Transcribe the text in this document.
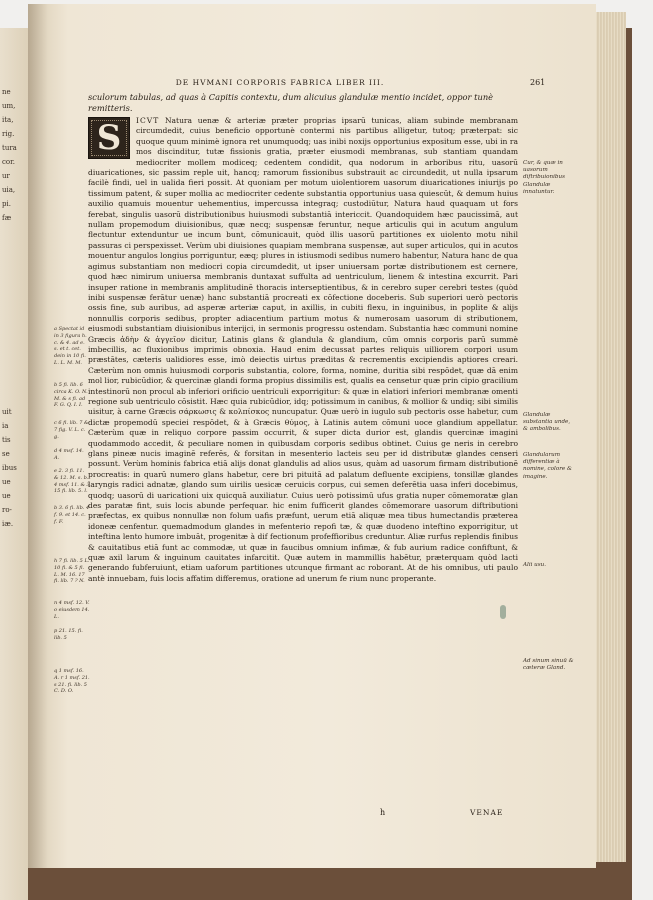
ne
um,
ita,
rig.
tura
cor.
ur
uia,
pi.
fæ
uit
ia
tis
se
ibus
ue
ue
ro-
iæ.
DE HVMANI CORPORIS FABRICA LIBER III.	261
sculorum tabulas, ad quas à Capitis contextu, dum alicuius glandulæ mentio incidet, oppor tunè remitteris.
S	ICVT Natura uenæ & arteriæ præter proprias ipsarū tunicas, aliam subinde membranam circumdedit, cuius beneficio opportunè contermi nis partibus alligetur, tutoq; præterpat: sic quoque quum minimè ignora ret unumquodq; uas inibi noxijs opportunius expositum esse, ubi in ra mos discinditur, tutæ fissionis gratia, præter eiusmodi membranas, sub stantiam quandam mediocriter mollem modiceq; cedentem condidit, qua nodorum in arboribus ritu, uasorū diuaricationes, sic passim reple uit, hancq; ramorum fissionibus substrauit ac circundedit, ut nulla ipsarum facilè findi, uel in ualida fieri possit. At quoniam per motum uiolentiorem uasorum diuaricationes iniurijs po tissimum patent, & super mollia ac mediocriter cedente substantia opportunius uasa quiescūt, & demum huius auxilio quamuis mouentur uehementius, impercussa integraq; custodiūtur, Natura haud quaquam ut fors ferebat, singulis uasorū distributionibus huiusmodi substantiā intericcit. Quandoquidem hæc paucissimā, aut nullam propemodum diuisionibus, quæ necq; suspensæ feruntur, neque articulis qui in acutum angulum flectuntur extenduntur ue incum bunt, cōmunicauit, quòd illis uasorū partitiones ex uiolento motu nihil passuras ci perspexisset. Verùm ubi diuisiones quapiam membrana suspensæ, aut super articulos, qui in acutos mouentur angulos longius porriguntur, eæq; plures in istiusmodi sedibus numero habentur, Natura hanc de qua agimus substantiam non mediocri copia circumdedit, ut ipser uniuersam portæ distributionem est cernere, quod hæc nimirum uniuersa membranis duntaxat suffulta ad uentriculum, lienem & intestina excurrit. Pari insuper ratione in membranis amplitudinē thoracis interseptientibus, & in cerebro super cerebri testes (quòd inibi suspensæ ferātur uenæ) hanc substantiā procreati ex cōfectione doceberis. Sub superiori uerò pectoris ossis fine, sub auribus, ad asperæ arteriæ caput, in axillis, in cubiti flexu, in inguinibus, in poplite & alijs nonnullis corporis sedibus, propter adiacentium partium motus & numerosam uasorum di stributionem, eiusmodi substantiam diuisionibus interijci, in sermonis progressu ostendam. Substantia hæc communi nomine Græcis ἀδὴν & ἀγγεῖον dicitur, Latinis glans & glandula & glandium, cūm omnis corporis parū summè imbecillis, ac fluxionibus imprimis obnoxia. Haud enim decussat partes reliquis uilliorem corpori usum præstātes, cæteris ualidiores esse, imò deiectis uirtus præditas & recrementis excipiendis aptiores creari. Cæterùm non omnis huiusmodi corporis substantia, colore, forma, nomine, duritia sibi respōdet, quæ dā enim mol lior, rubicūdior, & quercinæ glandi forma propius dissimilis est, qualis ea censetur quæ prin cipio gracilium intestinorū non procul ab inferiori orificio uentriculi exporrigitur: & quæ in elatiori inferiori membranæ omenti regione sub uentriculo cōsistit. Hæc quia rubicūdior, idq; potissimum in canibus, & mollior & undiq; sibi similis uisitur, à carne Græcis σάρκωσις & κολπίσκος nuncupatur. Quæ uerò in iugulo sub pectoris osse habetur, cum dictæ propemodū speciei respōdet, & à Græcis θύμος, à Latinis autem cōmuni uoce glandium appellatur. Cæterùm quæ in reliquo corpore passim occurrit, & super dicta durior est, glandis quercinæ imagini quodammodo accedit, & peculiare nomen in quibusdam corporis sedibus obtinet. Cuius ge neris in cerebro glans pineæ nucis imaginē referēs, & forsitan in mesenterio lacteis seu per id distributæ glandes censeri possunt. Verùm hominis fabrica etiā alijs donat glandulis ad alios usus, quàm ad uasorum firmam distributionē procreatis: in quarū numero glans habetur, cere bri pituitā ad palatum defluente excipiens, tonsillæ glandes laryngis radici adnatæ, glando sum uirilis uesicæ ceruicis corpus, cui semen deferētia uasa inferi docebimus, quodq; uasorū di uaricationi uix quicquā auxiliatur. Cuius uerò potissimū ufus gratia nuper cōmemoratæ glan des paratæ fint, suis locis abunde perfequar. hic enim fufficerit glandes cōmemorare uasorum diftributioni præfectas, ex quibus nonnullæ non folum uafis præfunt, uerum etiā aliquæ mea tibus humectandis præterea idoneæ cenfentur. quemadmodum glandes in mefenterio repofi tæ, & quæ duodeno inteftino exporrigitur, ut inteftina lento humore imbuāt, progenitæ à dif fectionum profeffioribus creduntur. Aliæ rurfus replendis finibus & cauitatibus etiā funt ac commodæ, ut quæ in faucibus omnium infimæ, & fub aurium radice confiftunt, & quæ axil larum & inguinum cauitates infarcitit. Quæ autem in mammillis habētur, præterquam quòd lacti generando fubferuiunt, etiam uaforum partitiones utcunque firmant ac roborant. At de his omnibus, uti paulo antè innuebam, fuis locis affatim differemus, oratione ad unerum fe rium nunc properante.

a Spectat id in 3 figura h. c. & 4. ad e. s. et t. cet. dein in 10 fi. L. L. M. M.
b 5 fi. lib. 6 circa K. O. N. M. & s fi. ad F. G. Q. I. I.
c 6 fi. lib. 7 & 7 fig. V. L. c. g.
d 4 msf. 14. A.
e 2. 3 fi. 11. & 12. M. s. b. 4 msf. 11. & 3 15 fi. lib. 5. l.
b 3. 6 fi. lib. 4 f. 9. et 14. c. f. F.
h 7 fi. lib. 5 L. 10 fi. & 5 fi. L. M. 16. 17 fi. lib. 7 ? N.
n 4 msf. 12. V. o eiusdem 14. L.
p 21. 15. fi. lib. 5
q 1 msf. 16. A. r 1 msf. 21. s 21. fi. lib. 5 C. D. O.
Cur, & quæ in uasorum diftribuionibus Glandulæ innatuntur.
Glandulæ substantia unde, & ambolibus.
Glandularum differentiæ à nomine, colore & imagine.
Alii usu.
Ad sinum sinuū & cæteræ Gland.
h	VENAE
